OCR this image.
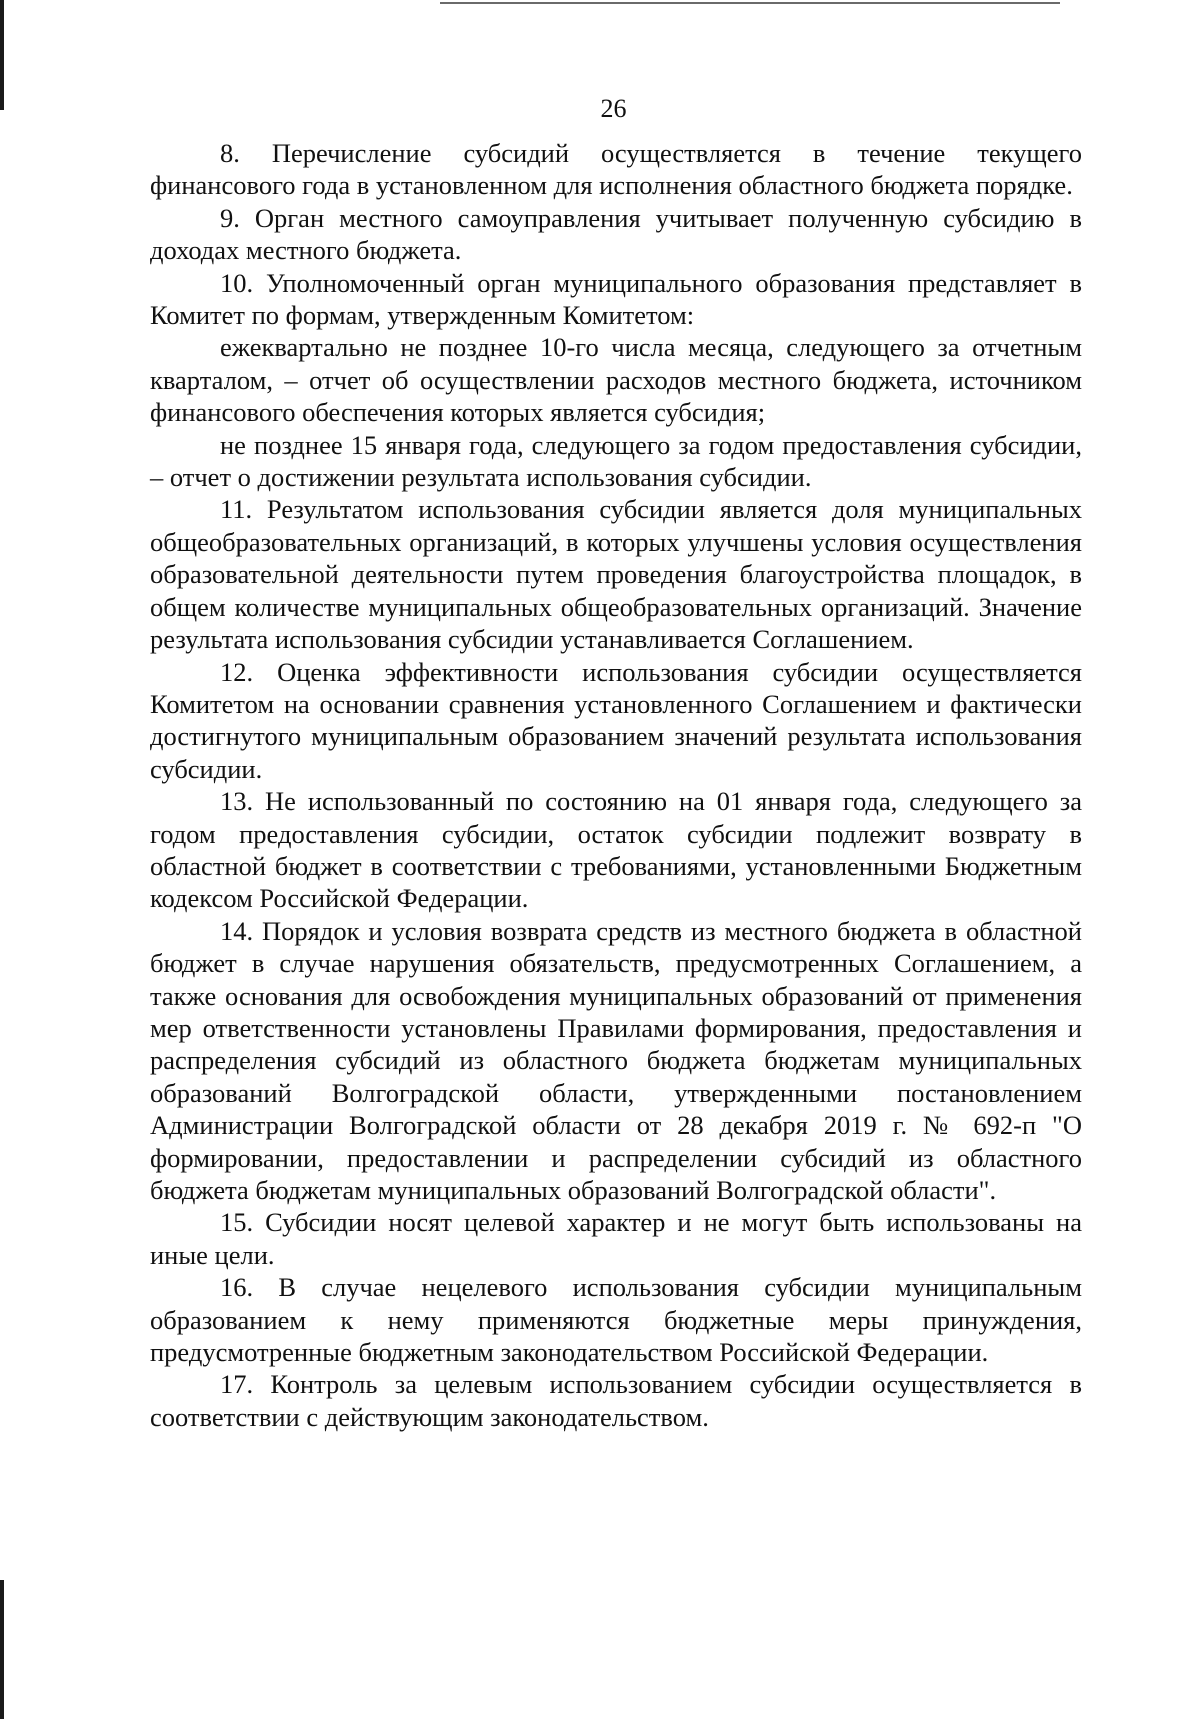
26

8. Перечисление субсидий осуществляется в течение текущего финансового года в установленном для исполнения областного бюджета порядке.

9. Орган местного самоуправления учитывает полученную субсидию в доходах местного бюджета.

10. Уполномоченный орган муниципального образования представляет в Комитет по формам, утвержденным Комитетом:

ежеквартально не позднее 10-го числа месяца, следующего за отчетным кварталом, – отчет об осуществлении расходов местного бюджета, источником финансового обеспечения которых является субсидия;

не позднее 15 января года, следующего за годом предоставления субсидии, – отчет о достижении результата использования субсидии.

11. Результатом использования субсидии является доля муниципальных общеобразовательных организаций, в которых улучшены условия осуществления образовательной деятельности путем проведения благоустройства площадок, в общем количестве муниципальных общеобразовательных организаций. Значение результата использования субсидии устанавливается Соглашением.

12. Оценка эффективности использования субсидии осуществляется Комитетом на основании сравнения установленного Соглашением и фактически достигнутого муниципальным образованием значений результата использования субсидии.

13. Не использованный по состоянию на 01 января года, следующего за годом предоставления субсидии, остаток субсидии подлежит возврату в областной бюджет в соответствии с требованиями, установленными Бюджетным кодексом Российской Федерации.

14. Порядок и условия возврата средств из местного бюджета в областной бюджет в случае нарушения обязательств, предусмотренных Соглашением, а также основания для освобождения муниципальных образований от применения мер ответственности установлены Правилами формирования, предоставления и распределения субсидий из областного бюджета бюджетам муниципальных образований Волгоградской области, утвержденными постановлением Администрации Волгоградской области от 28 декабря 2019 г. № 692-п "О формировании, предоставлении и распределении субсидий из областного бюджета бюджетам муниципальных образований Волгоградской области".

15. Субсидии носят целевой характер и не могут быть использованы на иные цели.

16. В случае нецелевого использования субсидии муниципальным образованием к нему применяются бюджетные меры принуждения, предусмотренные бюджетным законодательством Российской Федерации.

17. Контроль за целевым использованием субсидии осуществляется в соответствии с действующим законодательством.
